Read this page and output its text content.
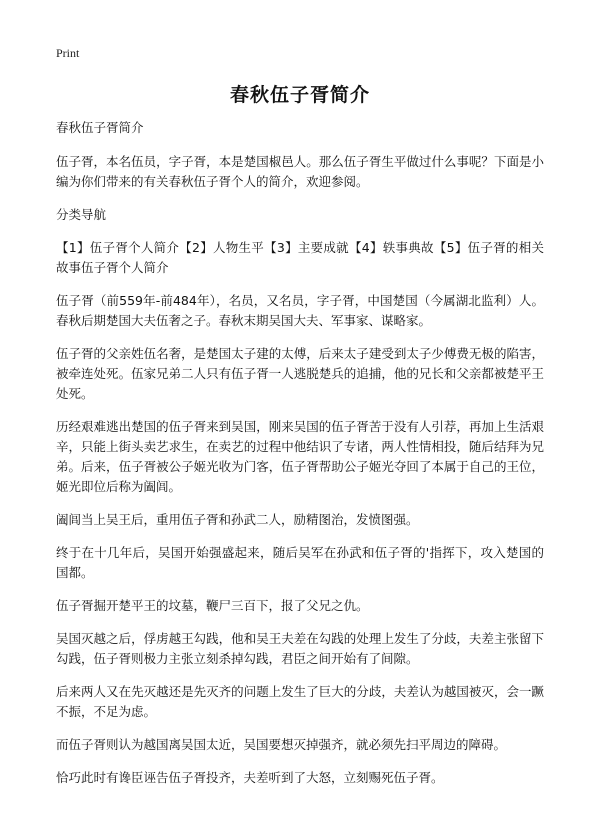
Print
春秋伍子胥简介

春秋伍子胥简介

伍子胥，本名伍员，字子胥，本是楚国椒邑人。那么伍子胥生平做过什么事呢？下面是小编为你们带来的有关春秋伍子胥个人的简介，欢迎参阅。

分类导航

【1】伍子胥个人简介【2】人物生平【3】主要成就【4】轶事典故【5】伍子胥的相关故事伍子胥个人简介

伍子胥（前559年-前484年），名员，又名员，字子胥，中国楚国（今属湖北监利）人。春秋后期楚国大夫伍奢之子。春秋末期吴国大夫、军事家、谋略家。

伍子胥的父亲姓伍名奢，是楚国太子建的太傅，后来太子建受到太子少傅费无极的陷害，被牵连处死。伍家兄弟二人只有伍子胥一人逃脱楚兵的追捕，他的兄长和父亲都被楚平王处死。

历经艰难逃出楚国的伍子胥来到吴国，刚来吴国的伍子胥苦于没有人引荐，再加上生活艰辛，只能上街头卖艺求生，在卖艺的过程中他结识了专诸，两人性情相投，随后结拜为兄弟。后来，伍子胥被公子姬光收为门客，伍子胥帮助公子姬光夺回了本属于自己的王位，姬光即位后称为阖闾。

阖闾当上吴王后，重用伍子胥和孙武二人，励精图治，发愤图强。

终于在十几年后，吴国开始强盛起来，随后吴军在孙武和伍子胥的'指挥下，攻入楚国的国都。

伍子胥掘开楚平王的坟墓，鞭尸三百下，报了父兄之仇。

吴国灭越之后，俘虏越王勾践，他和吴王夫差在勾践的处理上发生了分歧，夫差主张留下勾践，伍子胥则极力主张立刻杀掉勾践，君臣之间开始有了间隙。

后来两人又在先灭越还是先灭齐的问题上发生了巨大的分歧，夫差认为越国被灭，会一蹶不振，不足为虑。

而伍子胥则认为越国离吴国太近，吴国要想灭掉强齐，就必须先扫平周边的障碍。

恰巧此时有谗臣诬告伍子胥投齐，夫差听到了大怒，立刻赐死伍子胥。
